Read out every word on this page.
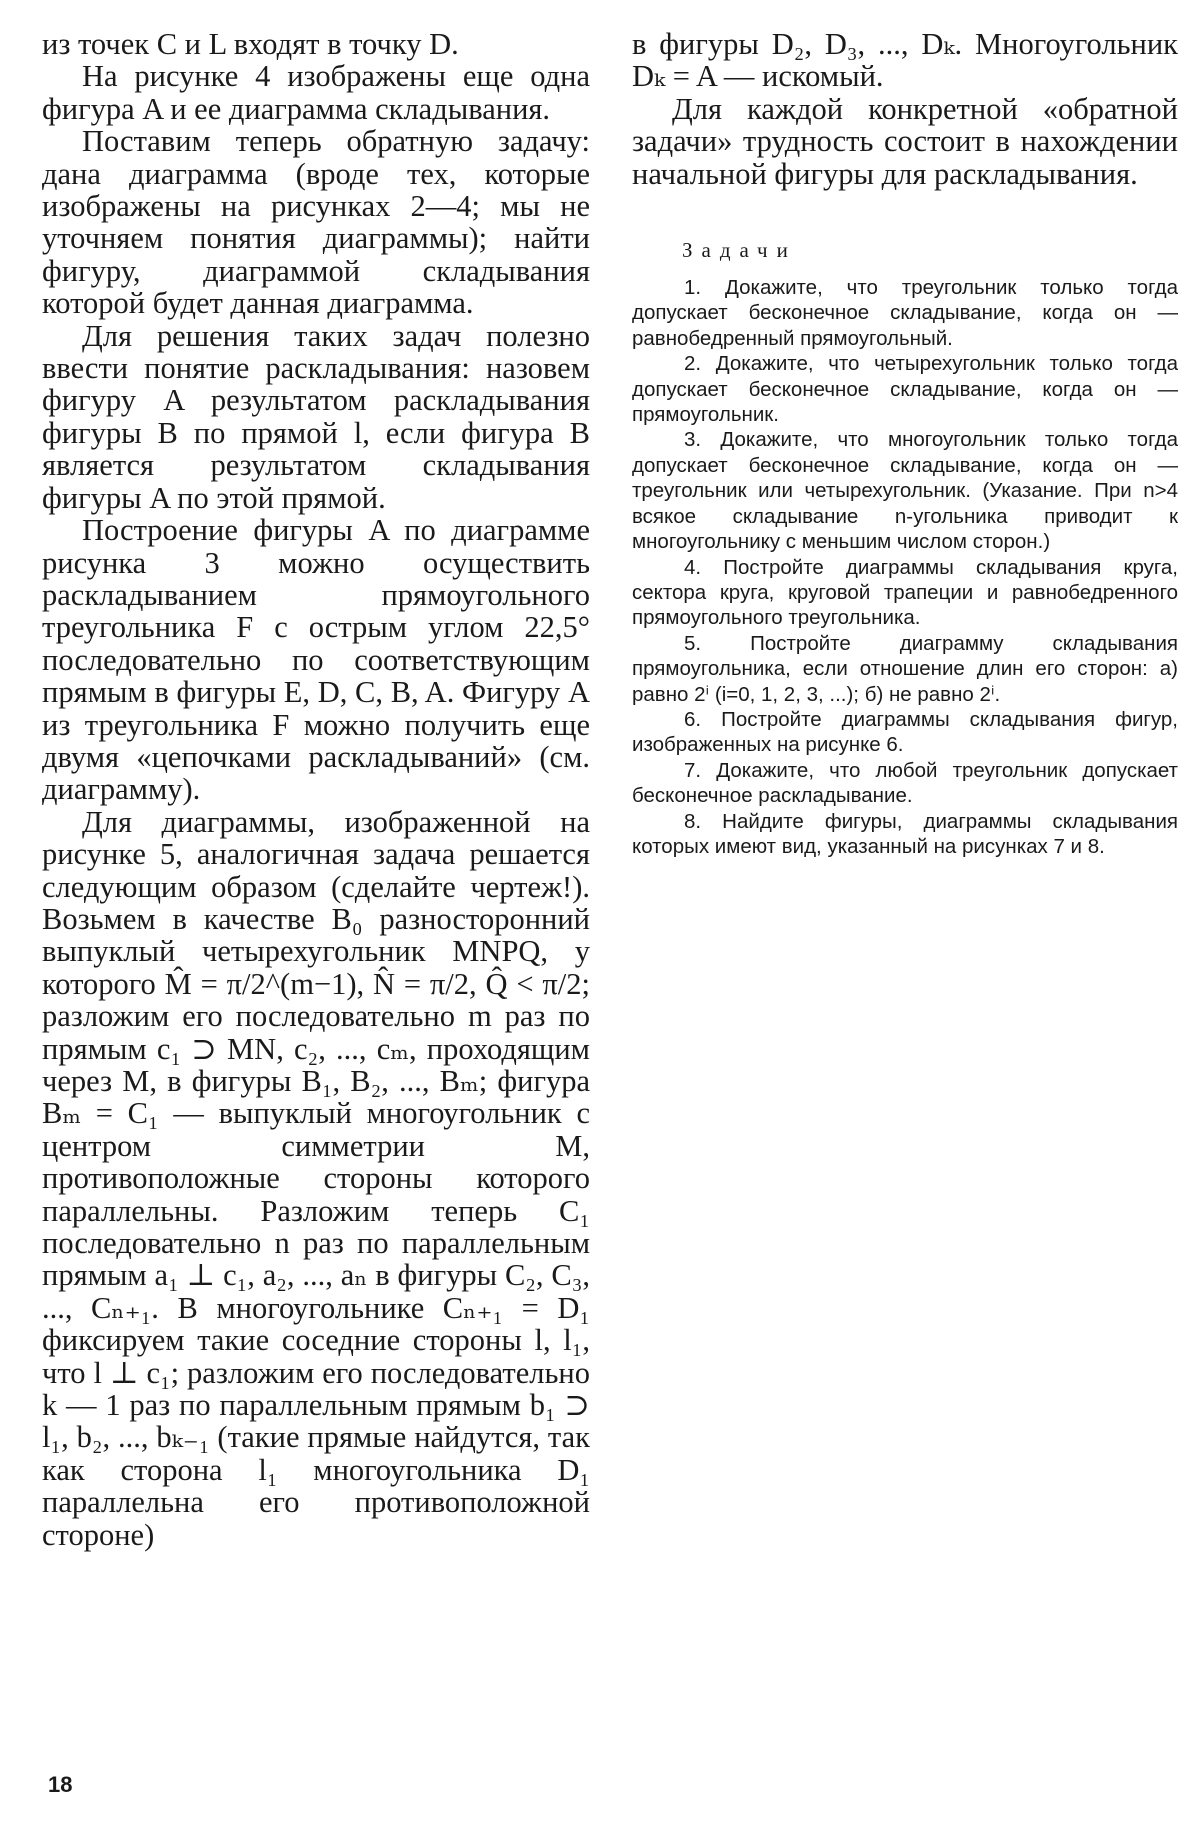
из точек C и L входят в точку D.

На рисунке 4 изображены еще одна фигура A и ее диаграмма складывания.

Поставим теперь обратную задачу: дана диаграмма (вроде тех, которые изображены на рисунках 2—4; мы не уточняем понятия диаграммы); найти фигуру, диаграммой складывания которой будет данная диаграмма.

Для решения таких задач полезно ввести понятие раскладывания: назовем фигуру A результатом раскладывания фигуры B по прямой l, если фигура B является результатом складывания фигуры A по этой прямой.

Построение фигуры A по диаграмме рисунка 3 можно осуществить раскладыванием прямоугольного треугольника F с острым углом 22,5° последовательно по соответствующим прямым в фигуры E, D, C, B, A. Фигуру A из треугольника F можно получить еще двумя «цепочками раскладываний» (см. диаграмму).

Для диаграммы, изображенной на рисунке 5, аналогичная задача решается следующим образом (сделайте чертеж!). Возьмем в качестве B₀ разносторонний выпуклый четырехугольник MNPQ, у которого M̂ = π/2^(m−1), N̂ = π/2, Q̂ < π/2; разложим его последовательно m раз по прямым c₁ ⊃ MN, c₂, ..., cₘ, проходящим через M, в фигуры B₁, B₂, ..., Bₘ; фигура Bₘ = C₁ — выпуклый многоугольник с центром симметрии M, противоположные стороны которого параллельны. Разложим теперь C₁ последовательно n раз по параллельным прямым a₁ ⊥ c₁, a₂, ..., aₙ в фигуры C₂, C₃, ..., Cₙ₊₁. В многоугольнике Cₙ₊₁ = D₁ фиксируем такие соседние стороны l, l₁, что l ⊥ c₁; разложим его последовательно k — 1 раз по параллельным прямым b₁ ⊃ l₁, b₂, ..., bₖ₋₁ (такие прямые найдутся, так как сторона l₁ многоугольника D₁ параллельна его противоположной стороне)

в фигуры D₂, D₃, ..., Dₖ. Многоугольник Dₖ = A — искомый.

Для каждой конкретной «обратной задачи» трудность состоит в нахождении начальной фигуры для раскладывания.

Задачи

1. Докажите, что треугольник только тогда допускает бесконечное складывание, когда он — равнобедренный прямоугольный.

2. Докажите, что четырехугольник только тогда допускает бесконечное складывание, когда он — прямоугольник.

3. Докажите, что многоугольник только тогда допускает бесконечное складывание, когда он — треугольник или четырехугольник. (Указание. При n>4 всякое складывание n-угольника приводит к многоугольнику с меньшим числом сторон.)

4. Постройте диаграммы складывания круга, сектора круга, круговой трапеции и равнобедренного прямоугольного треугольника.

5. Постройте диаграмму складывания прямоугольника, если отношение длин его сторон: а) равно 2ⁱ (i=0, 1, 2, 3, ...); б) не равно 2ⁱ.

6. Постройте диаграммы складывания фигур, изображенных на рисунке 6.

7. Докажите, что любой треугольник допускает бесконечное раскладывание.

8. Найдите фигуры, диаграммы складывания которых имеют вид, указанный на рисунках 7 и 8.

18
